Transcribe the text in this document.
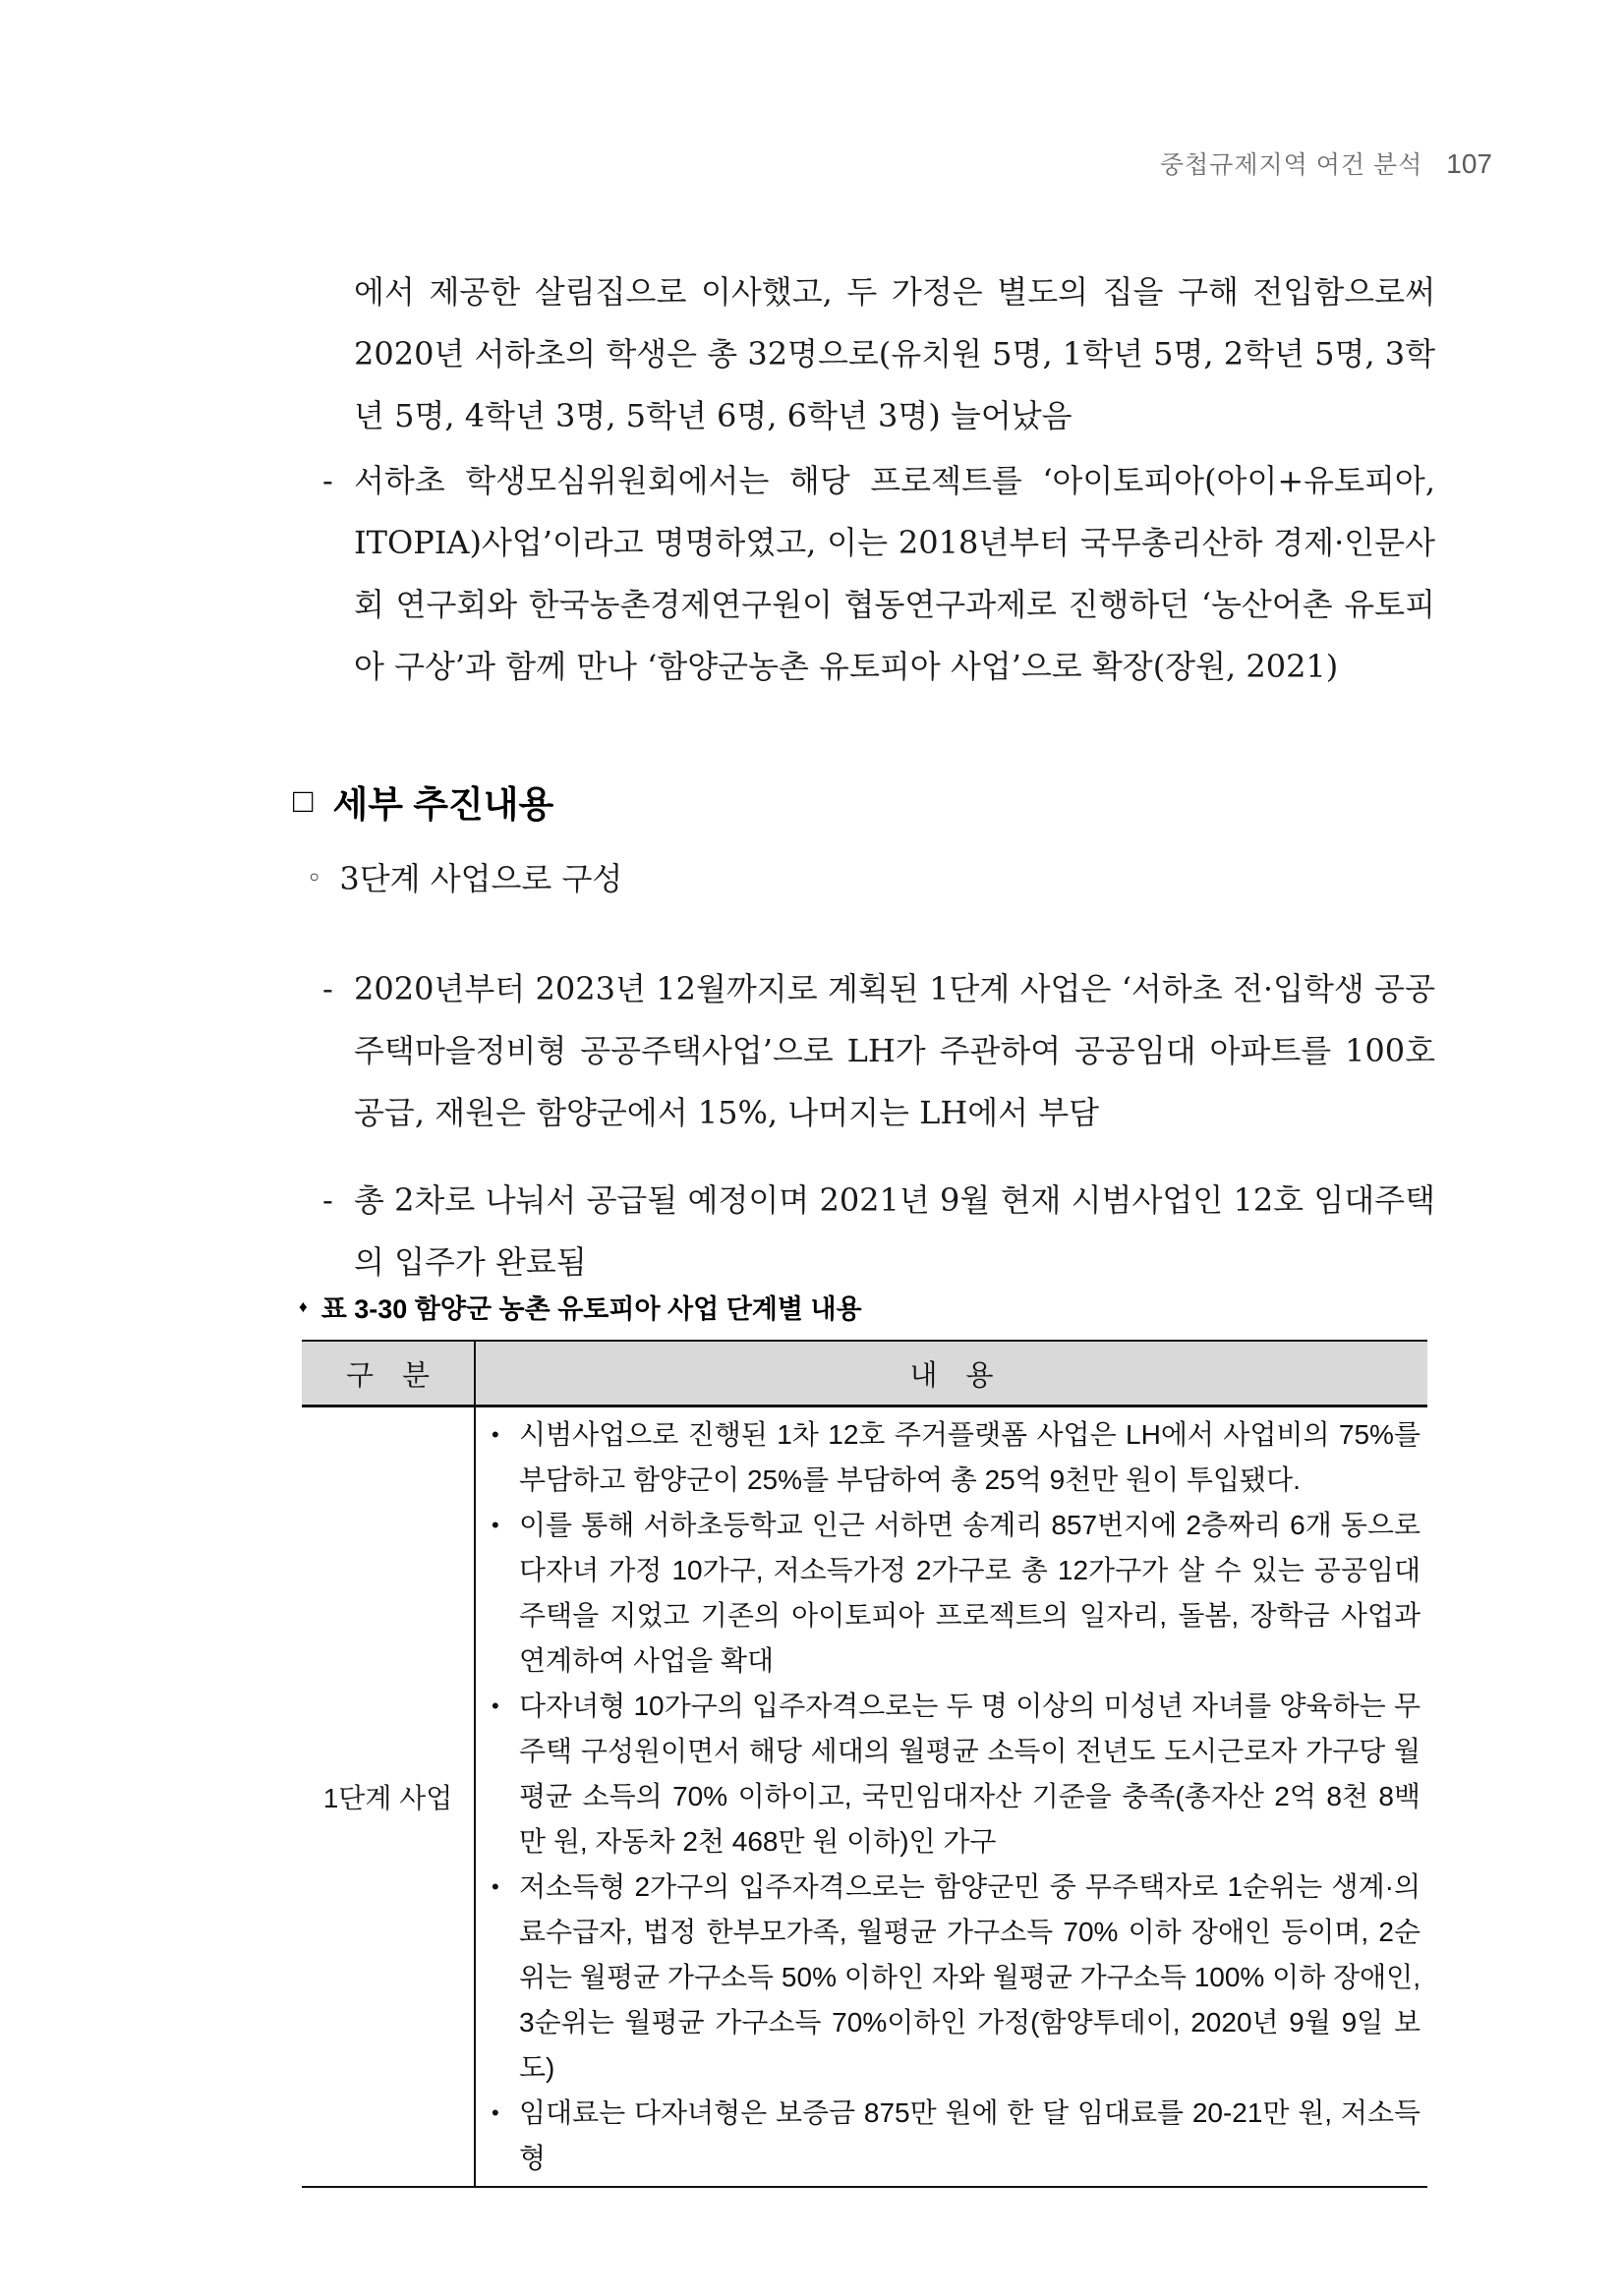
중첩규제지역 여건 분석 107
에서 제공한 살림집으로 이사했고, 두 가정은 별도의 집을 구해 전입함으로써 2020년 서하초의 학생은 총 32명으로(유치원 5명, 1학년 5명, 2학년 5명, 3학년 5명, 4학년 3명, 5학년 6명, 6학년 3명) 늘어났음
- 서하초 학생모심위원회에서는 해당 프로젝트를 ‘아이토피아(아이+유토피아, ITOPIA)사업’이라고 명명하였고, 이는 2018년부터 국무총리산하 경제·인문사회 연구회와 한국농촌경제연구원이 협동연구과제로 진행하던 ‘농산어촌 유토피아 구상’과 함께 만나 ‘함양군농촌 유토피아 사업’으로 확장(장원, 2021)
□ 세부 추진내용
◦ 3단계 사업으로 구성
- 2020년부터 2023년 12월까지로 계획된 1단계 사업은 ‘서하초 전·입학생 공공주택마을정비형 공공주택사업’으로 LH가 주관하여 공공임대 아파트를 100호 공급, 재원은 함양군에서 15%, 나머지는 LH에서 부담
- 총 2차로 나눠서 공급될 예정이며 2021년 9월 현재 시범사업인 12호 임대주택의 입주가 완료됨
♦ 표 3-30 함양군 농촌 유토피아 사업 단계별 내용
구　분	내　용
1단계 사업
• 시범사업으로 진행된 1차 12호 주거플랫폼 사업은 LH에서 사업비의 75%를 부담하고 함양군이 25%를 부담하여 총 25억 9천만 원이 투입됐다.
• 이를 통해 서하초등학교 인근 서하면 송계리 857번지에 2층짜리 6개 동으로 다자녀 가정 10가구, 저소득가정 2가구로 총 12가구가 살 수 있는 공공임대주택을 지었고 기존의 아이토피아 프로젝트의 일자리, 돌봄, 장학금 사업과 연계하여 사업을 확대
• 다자녀형 10가구의 입주자격으로는 두 명 이상의 미성년 자녀를 양육하는 무주택 구성원이면서 해당 세대의 월평균 소득이 전년도 도시근로자 가구당 월평균 소득의 70% 이하이고, 국민임대자산 기준을 충족(총자산 2억 8천 8백만 원, 자동차 2천 468만 원 이하)인 가구
• 저소득형 2가구의 입주자격으로는 함양군민 중 무주택자로 1순위는 생계·의료수급자, 법정 한부모가족, 월평균 가구소득 70% 이하 장애인 등이며, 2순위는 월평균 가구소득 50% 이하인 자와 월평균 가구소득 100% 이하 장애인, 3순위는 월평균 가구소득 70%이하인 가정(함양투데이, 2020년 9월 9일 보도)
• 임대료는 다자녀형은 보증금 875만 원에 한 달 임대료를 20-21만 원, 저소득형
